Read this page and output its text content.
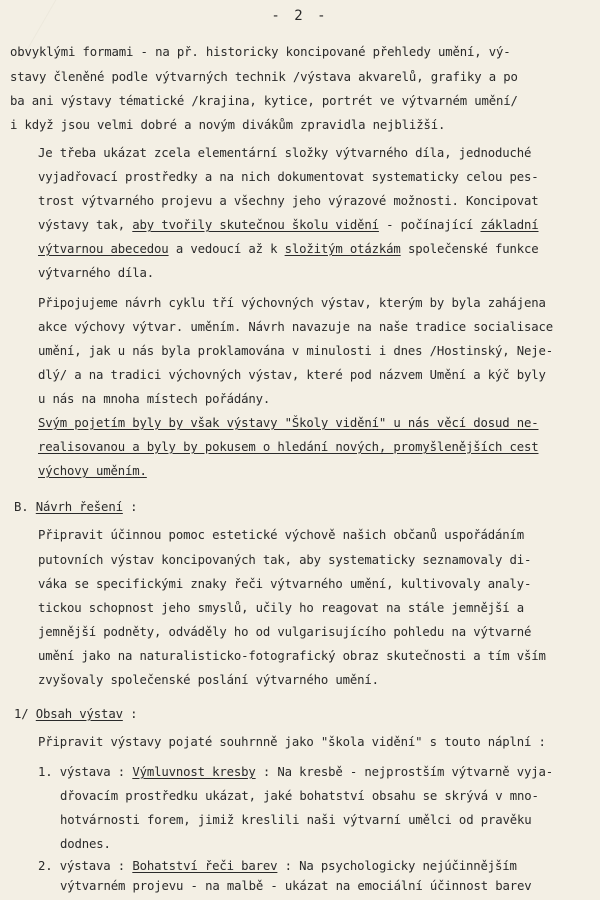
- 2 -
obvyklými formami - na př. historicky koncipované přehledy umění, vý-
stavy členěné podle výtvarných technik /výstava akvarelů, grafiky a po
ba ani výstavy tématické /krajina, kytice, portrét ve výtvarném umění/
i když jsou velmi dobré a novým divákům zpravidla nejbližší.
Je třeba ukázat zcela elementární složky výtvarného díla, jednoduché
vyjadřovací prostředky a na nich dokumentovat systematicky celou pes-
trost výtvarného projevu a všechny jeho výrazové možnosti. Koncipovat
výstavy tak, aby tvořily skutečnou školu vidění - počínající základní
výtvarnou abecedou a vedoucí až k složitým otázkám společenské funkce
výtvarného díla.
Připojujeme návrh cyklu tří výchovných výstav, kterým by byla zahájena
akce výchovy výtvar. uměním. Návrh navazuje na naše tradice socialisace
umění, jak u nás byla proklamována v minulosti i dnes /Hostinský, Neje-
dlý/ a na tradici výchovných výstav, které pod názvem Umění a kýč byly
u nás na mnoha místech pořádány.
Svým pojetím byly by však výstavy "Školy vidění" u nás věcí dosud ne-
realisovanou a byly by pokusem o hledání nových, promyšlenějších cest
výchovy uměním.
B. Návrh řešení :
Připravit účinnou pomoc estetické výchově našich občanů uspořádáním
putovních výstav koncipovaných tak, aby systematicky seznamovaly di-
váka se specifickými znaky řeči výtvarného umění, kultivovaly analy-
tickou schopnost jeho smyslů, učily ho reagovat na stále jemnější a
jemnější podněty, odváděly ho od vulgarisujícího pohledu na výtvarné
umění jako na naturalisticko-fotografický obraz skutečnosti a tím vším
zvyšovaly společenské poslání výtvarného umění.
1/ Obsah výstav :
Připravit výstavy pojaté souhrnně jako "škola vidění" s touto náplní :
1. výstava : Výmluvnost kresby : Na kresbě - nejprostším výtvarně vyja-
dřovacím prostředku ukázat, jaké bohatství obsahu se skrývá v mno-
hotvárnosti forem, jimiž kreslili naši výtvarní umělci od pravěku
dodnes.
2. výstava : Bohatství řeči barev : Na psychologicky nejúčinnějším
výtvarném projevu - na malbě - ukázat na emociální účinnost barev
